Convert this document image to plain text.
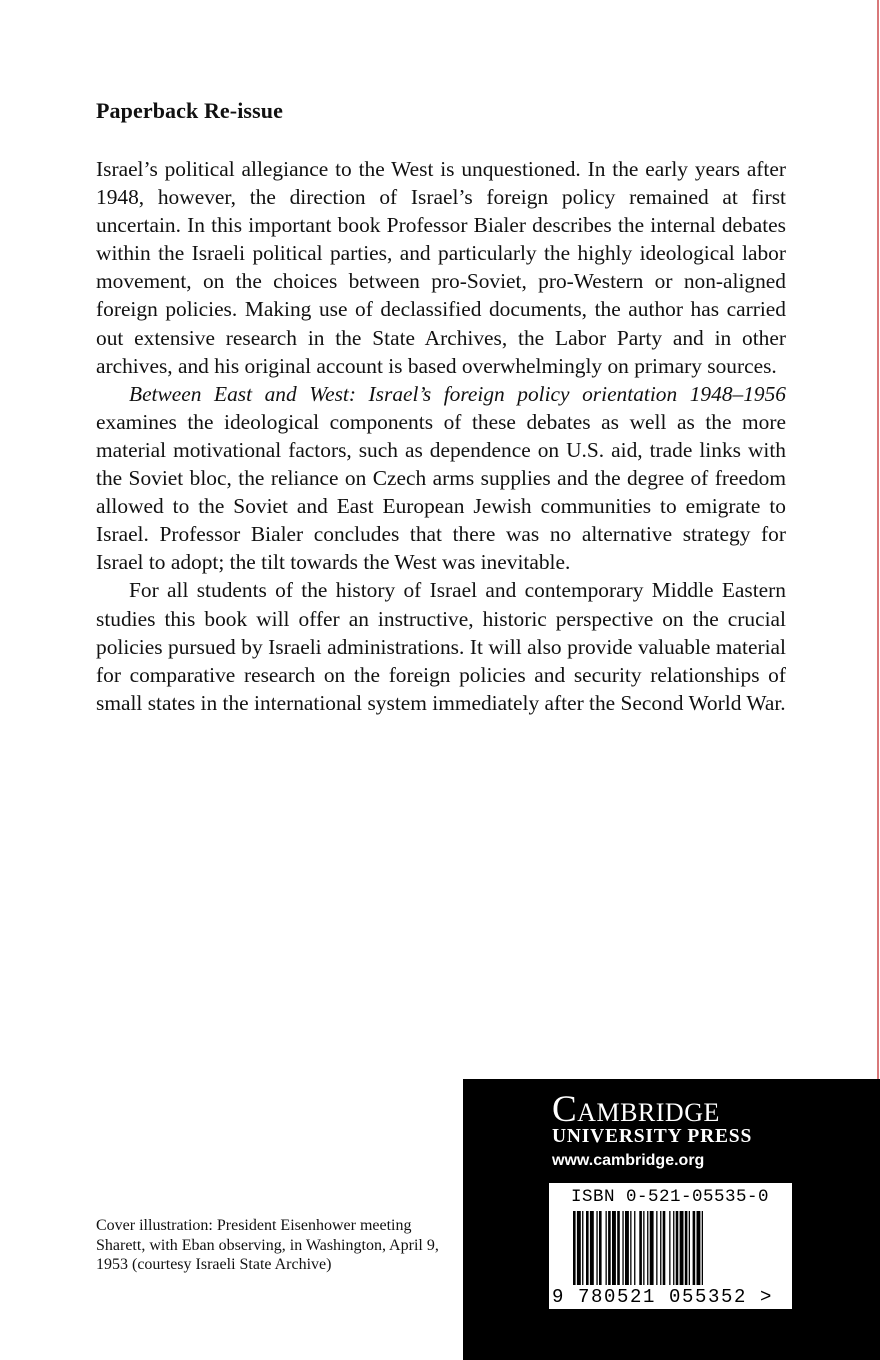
Paperback Re-issue

Israel’s political allegiance to the West is unquestioned. In the early years after 1948, however, the direction of Israel’s foreign policy remained at first uncertain. In this important book Professor Bialer describes the internal debates within the Israeli political parties, and particularly the highly ideological labor movement, on the choices between pro-Soviet, pro-Western or non-aligned foreign policies. Making use of declassified documents, the author has carried out extensive research in the State Archives, the Labor Party and in other archives, and his original account is based overwhelmingly on primary sources.

Between East and West: Israel’s foreign policy orientation 1948–1956 examines the ideological components of these debates as well as the more material motivational factors, such as dependence on U.S. aid, trade links with the Soviet bloc, the reliance on Czech arms supplies and the degree of freedom allowed to the Soviet and East European Jewish communities to emigrate to Israel. Professor Bialer concludes that there was no alternative strategy for Israel to adopt; the tilt towards the West was inevitable.

For all students of the history of Israel and contemporary Middle Eastern studies this book will offer an instructive, historic perspective on the crucial policies pursued by Israeli administrations. It will also provide valuable material for comparative research on the foreign policies and security relationships of small states in the international system immediately after the Second World War.

Cover illustration: President Eisenhower meeting Sharett, with Eban observing, in Washington, April 9, 1953 (courtesy Israeli State Archive)

Cambridge

UNIVERSITY PRESS

www.cambridge.org

ISBN 0-521-05535-0

9 780521 055352 >
